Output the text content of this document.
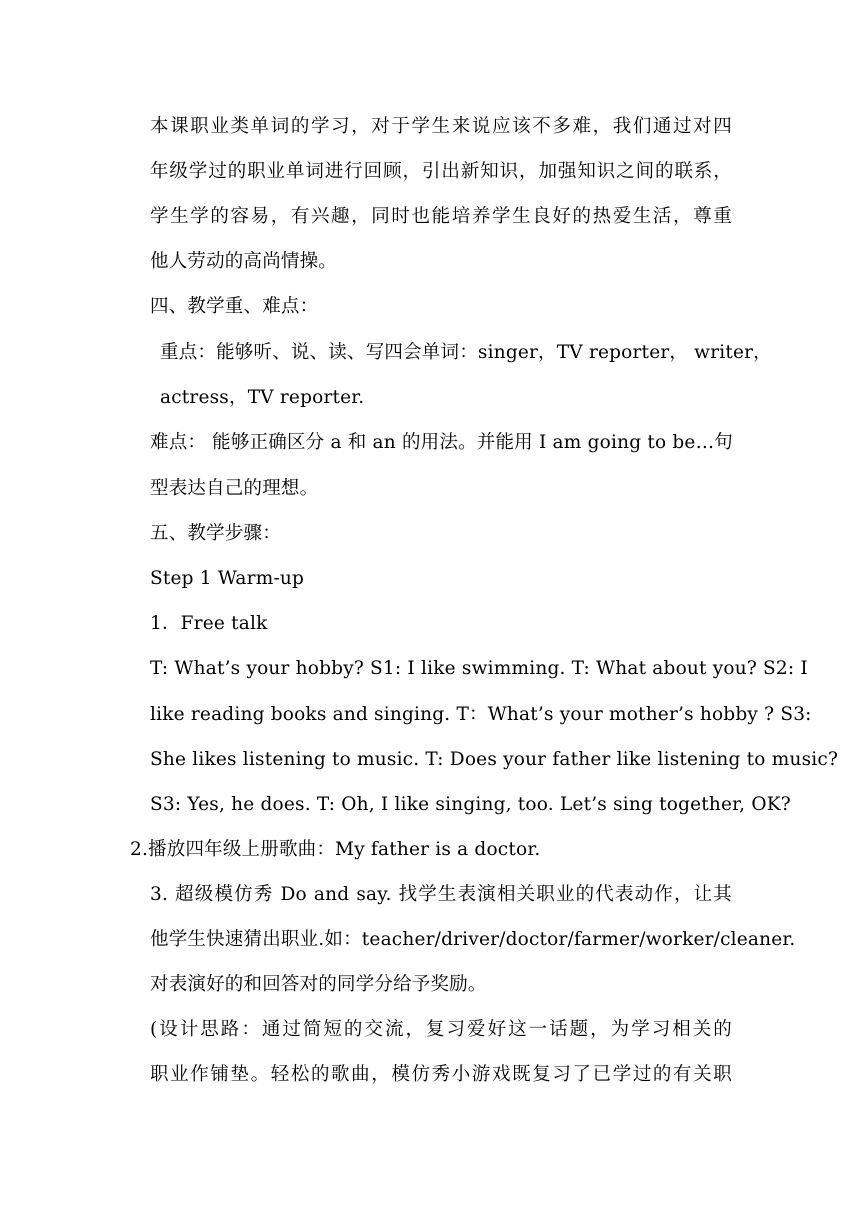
本课职业类单词的学习，对于学生来说应该不多难，我们通过对四
年级学过的职业单词进行回顾，引出新知识，加强知识之间的联系，
学生学的容易，有兴趣，同时也能培养学生良好的热爱生活，尊重
他人劳动的高尚情操。
四、教学重、难点：
重点：能够听、说、读、写四会单词：singer，TV reporter， writer，
actress，TV reporter.
难点： 能够正确区分 a 和 an 的用法。并能用 I am going to be…句
型表达自己的理想。
五、教学步骤：
Step 1 Warm-up
1．Free talk
T: What’s your hobby? S1: I like swimming. T: What about you? S2: I
like reading books and singing. T：What’s your mother’s hobby ? S3:
She likes listening to music. T: Does your father like listening to music?
S3: Yes, he does. T: Oh, I like singing, too. Let’s sing together, OK?
2.播放四年级上册歌曲：My father is a doctor.
3. 超级模仿秀 Do and say. 找学生表演相关职业的代表动作，让其
他学生快速猜出职业.如：teacher/driver/doctor/farmer/worker/cleaner.
对表演好的和回答对的同学分给予奖励。
(设计思路：通过简短的交流，复习爱好这一话题，为学习相关的
职业作铺垫。轻松的歌曲，模仿秀小游戏既复习了已学过的有关职
